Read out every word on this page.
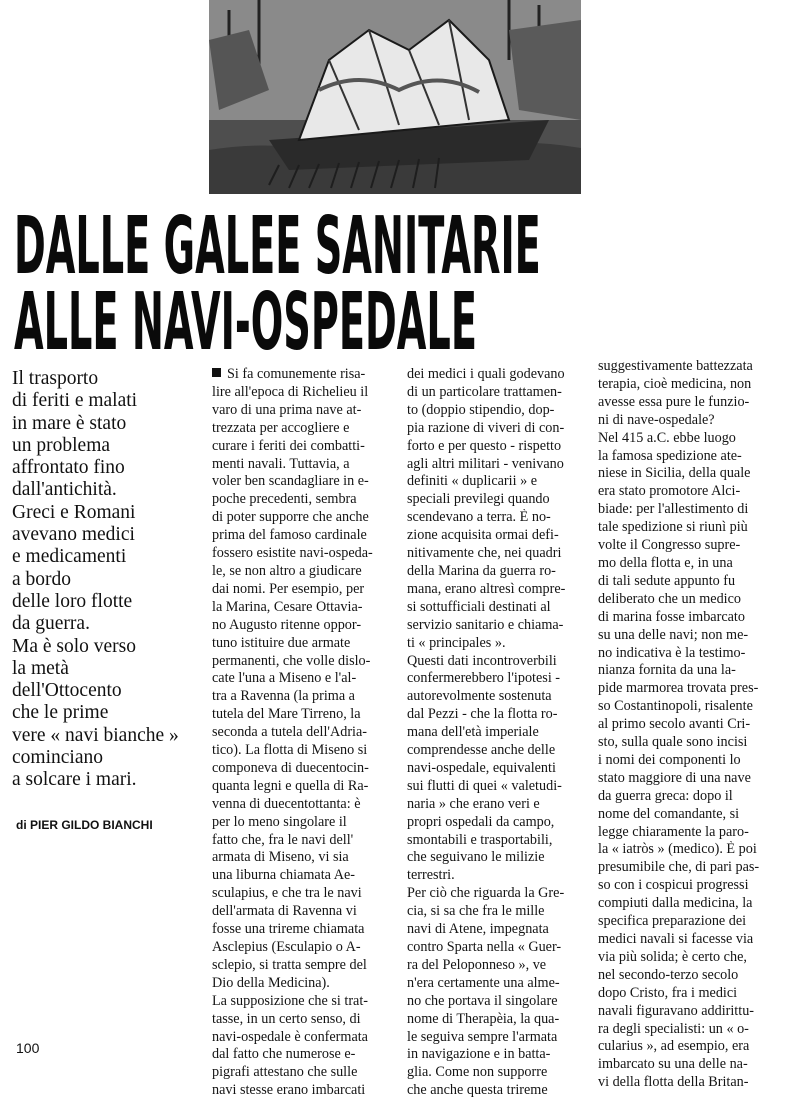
DALLE GALEE SANITARIE
ALLE NAVI-OSPEDALE
Il trasporto
di feriti e malati
in mare è stato
un problema
affrontato fino
dall'antichità.
Greci e Romani
avevano medici
e medicamenti
a bordo
delle loro flotte
da guerra.
Ma è solo verso
la metà
dell'Ottocento
che le prime
vere « navi bianche »
cominciano
a solcare i mari.
di PIER GILDO BIANCHI
100
Si fa comunemente risa-
lire all'epoca di Richelieu il
varo di una prima nave at-
trezzata per accogliere e
curare i feriti dei combatti-
menti navali. Tuttavia, a
voler ben scandagliare in e-
poche precedenti, sembra
di poter supporre che anche
prima del famoso cardinale
fossero esistite navi-ospeda-
le, se non altro a giudicare
dai nomi. Per esempio, per
la Marina, Cesare Ottavia-
no Augusto ritenne oppor-
tuno istituire due armate
permanenti, che volle dislo-
cate l'una a Miseno e l'al-
tra a Ravenna (la prima a
tutela del Mare Tirreno, la
seconda a tutela dell'Adria-
tico). La flotta di Miseno si
componeva di duecentocin-
quanta legni e quella di Ra-
venna di duecentottanta: è
per lo meno singolare il
fatto che, fra le navi dell'
armata di Miseno, vi sia
una liburna chiamata Ae-
sculapius, e che tra le navi
dell'armata di Ravenna vi
fosse una trireme chiamata
Asclepius (Esculapio o A-
sclepio, si tratta sempre del
Dio della Medicina).
La supposizione che si trat-
tasse, in un certo senso, di
navi-ospedale è confermata
dal fatto che numerose e-
pigrafi attestano che sulle
navi stesse erano imbarcati
dei medici i quali godevano
di un particolare trattamen-
to (doppio stipendio, dop-
pia razione di viveri di con-
forto e per questo - rispetto
agli altri militari - venivano
definiti « duplicarii » e
speciali previlegi quando
scendevano a terra. È no-
zione acquisita ormai defi-
nitivamente che, nei quadri
della Marina da guerra ro-
mana, erano altresì compre-
si sottufficiali destinati al
servizio sanitario e chiama-
ti « principales ».
Questi dati incontroverbili
confermerebbero l'ipotesi -
autorevolmente sostenuta
dal Pezzi - che la flotta ro-
mana dell'età imperiale
comprendesse anche delle
navi-ospedale, equivalenti
sui flutti di quei « valetudi-
naria » che erano veri e
propri ospedali da campo,
smontabili e trasportabili,
che seguivano le milizie
terrestri.
Per ciò che riguarda la Gre-
cia, si sa che fra le mille
navi di Atene, impegnata
contro Sparta nella « Guer-
ra del Peloponneso », ve
n'era certamente una almе-
no che portava il singolare
nome di Therapèia, la qua-
le seguiva sempre l'armata
in navigazione e in batta-
glia. Come non supporre
che anche questa trireme
suggestivamente battezzata
terapia, cioè medicina, non
avesse essa pure le funzio-
ni di nave-ospedale?
Nel 415 a.C. ebbe luogo
la famosa spedizione ate-
niese in Sicilia, della quale
era stato promotore Alci-
biade: per l'allestimento di
tale spedizione si riunì più
volte il Congresso supre-
mo della flotta e, in una
di tali sedute appunto fu
deliberato che un medico
di marina fosse imbarcato
su una delle navi; non me-
no indicativa è la testimo-
nianza fornita da una la-
pide marmorea trovata pres-
so Costantinopoli, risalente
al primo secolo avanti Cri-
sto, sulla quale sono incisi
i nomi dei componenti lo
stato maggiore di una nave
da guerra greca: dopo il
nome del comandante, si
legge chiaramente la paro-
la « iatròs » (medico). È poi
presumibile che, di pari pas-
so con i cospicui progressi
compiuti dalla medicina, la
specifica preparazione dei
medici navali si facesse via
via più solida; è certo che,
nel secondo-terzo secolo
dopo Cristo, fra i medici
navali figuravano addirittu-
ra degli specialisti: un « o-
cularius », ad esempio, era
imbarcato su una delle na-
vi della flotta della Britan-
